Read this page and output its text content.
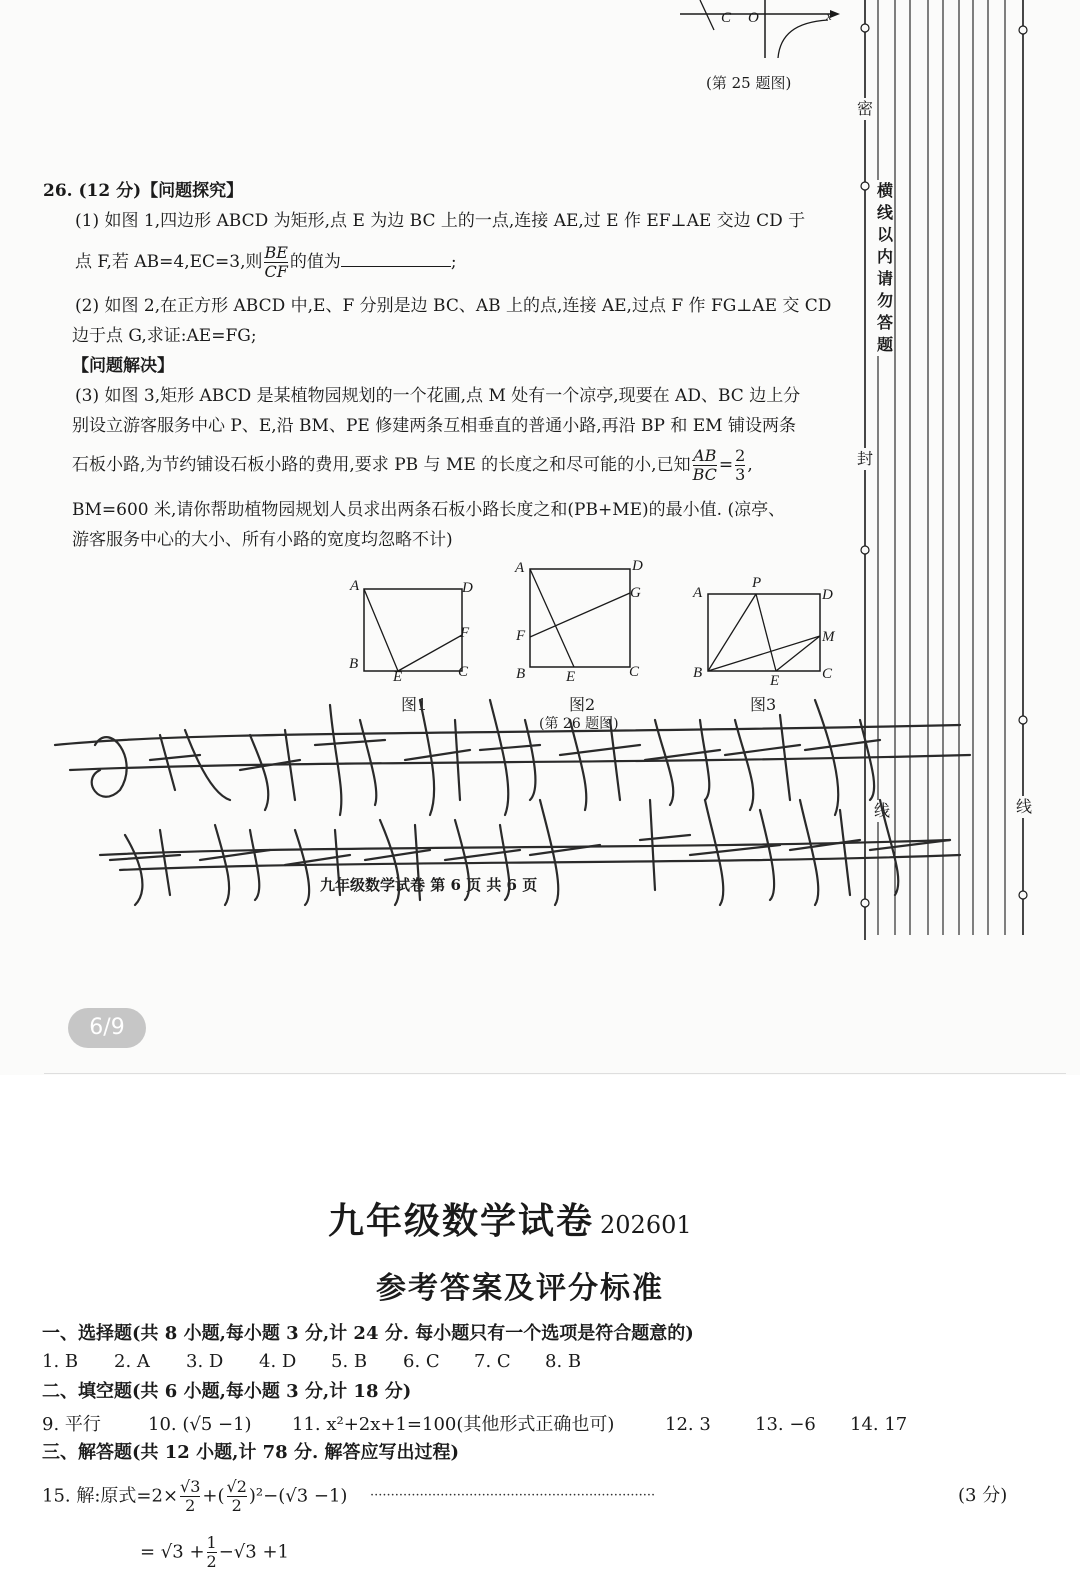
C O	x
(第 25 题图)
26. (12 分)【问题探究】
(1) 如图 1,四边形 ABCD 为矩形,点 E 为边 BC 上的一点,连接 AE,过 E 作 EF⊥AE 交边 CD 于
点 F,若 AB=4,EC=3,则 $\frac{BE}{CF}$ 的值为	;
(2) 如图 2,在正方形 ABCD 中,E、F 分别是边 BC、AB 上的点,连接 AE,过点 F 作 FG⊥AE 交 CD
边于点 G,求证:AE=FG;
【问题解决】
(3) 如图 3,矩形 ABCD 是某植物园规划的一个花圃,点 M 处有一个凉亭,现要在 AD、BC 边上分
别设立游客服务中心 P、E,沿 BM、PE 修建两条互相垂直的普通小路,再沿 BP 和 EM 铺设两条
石板小路,为节约铺设石板小路的费用,要求 PB 与 ME 的长度之和尽可能的小,已知 $\frac{AB}{BC} = \frac{2}{3}$ ,
BM=600 米,请你帮助植物园规划人员求出两条石板小路长度之和(PB+ME)的最小值. (凉亭、
游客服务中心的大小、所有小路的宽度均忽略不计)
A	D
F
B
E	C
图1
A	D
G
F
B	E	C
图2
(第 26 题图)
A
P
D
M
B	E	C
图3
密
横线以内请勿答题
封
线	线
九年级数学试卷 第 6 页 共 6 页
6/9
九年级数学试卷 202601
参考答案及评分标准
一、选择题(共 8 小题,每小题 3 分,计 24 分. 每小题只有一个选项是符合题意的)
1. B 2. A 3. D 4. D 5. B 6. C 7. C 8. B
二、填空题(共 6 小题,每小题 3 分,计 18 分)
9. 平行	10. (√5 −1) 11. x²+2x+1=100(其他形式正确也可)	12. 3 13. −6 14. 17
三、解答题(共 12 小题,计 78 分. 解答应写出过程)
15. 解:原式$=2\times \frac{√3}{2}$ +( $\frac{√2}{2} )^2-(√3 -1)$ ·····································································	(3 分)
= $√3 + \frac{1}{2} -√3 +1$
